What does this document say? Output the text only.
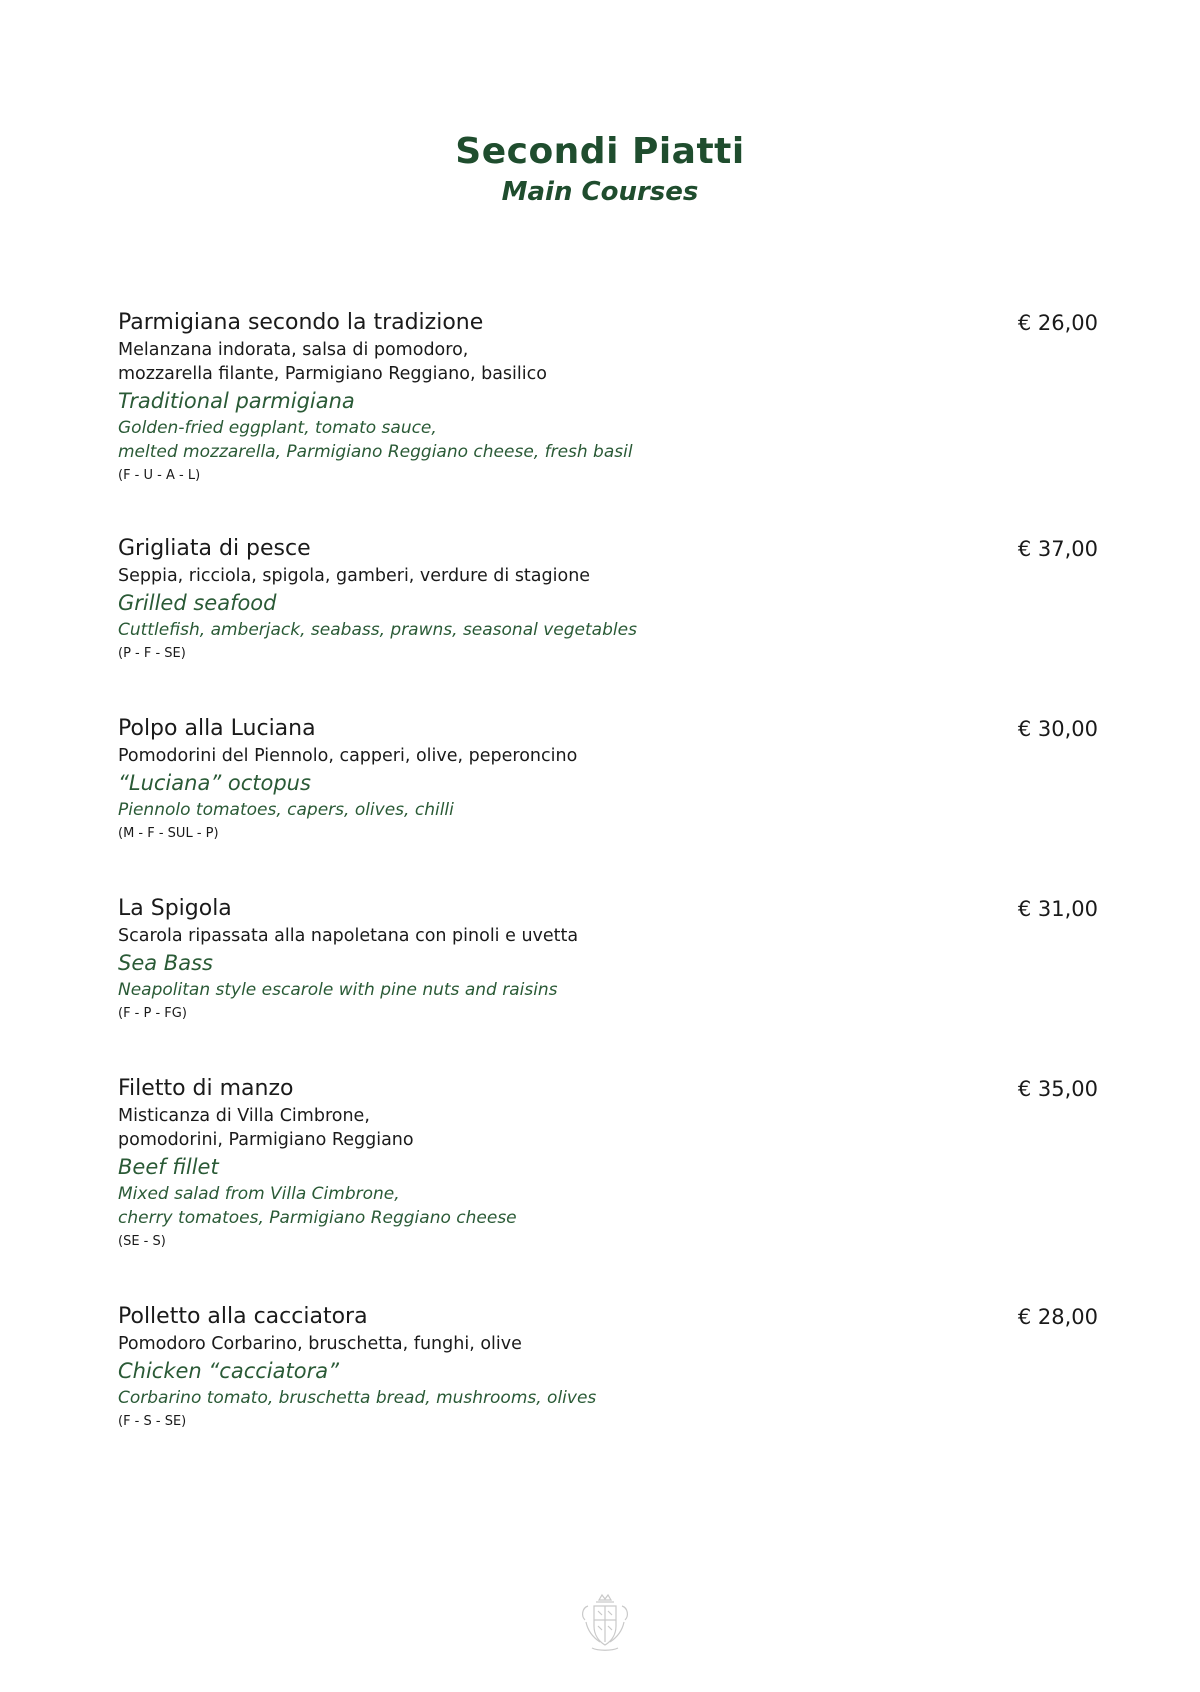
Secondi Piatti
Main Courses
Parmigiana secondo la tradizione
Melanzana indorata, salsa di pomodoro,
mozzarella filante, Parmigiano Reggiano, basilico
Traditional parmigiana
Golden-fried eggplant, tomato sauce,
melted mozzarella, Parmigiano Reggiano cheese, fresh basil
(F - U - A - L)
€ 26,00
Grigliata di pesce
Seppia, ricciola, spigola, gamberi, verdure di stagione
Grilled seafood
Cuttlefish, amberjack, seabass, prawns, seasonal vegetables
(P - F - SE)
€ 37,00
Polpo alla Luciana
Pomodorini del Piennolo, capperi, olive, peperoncino
“Luciana” octopus
Piennolo tomatoes, capers, olives, chilli
(M - F - SUL - P)
€ 30,00
La Spigola
Scarola ripassata alla napoletana con pinoli e uvetta
Sea Bass
Neapolitan style escarole with pine nuts and raisins
(F - P - FG)
€ 31,00
Filetto di manzo
Misticanza di Villa Cimbrone,
pomodorini, Parmigiano Reggiano
Beef fillet
Mixed salad from Villa Cimbrone,
cherry tomatoes, Parmigiano Reggiano cheese
(SE - S)
€ 35,00
Polletto alla cacciatora
Pomodoro Corbarino, bruschetta, funghi, olive
Chicken “cacciatora”
Corbarino tomato, bruschetta bread, mushrooms, olives
(F - S - SE)
€ 28,00
